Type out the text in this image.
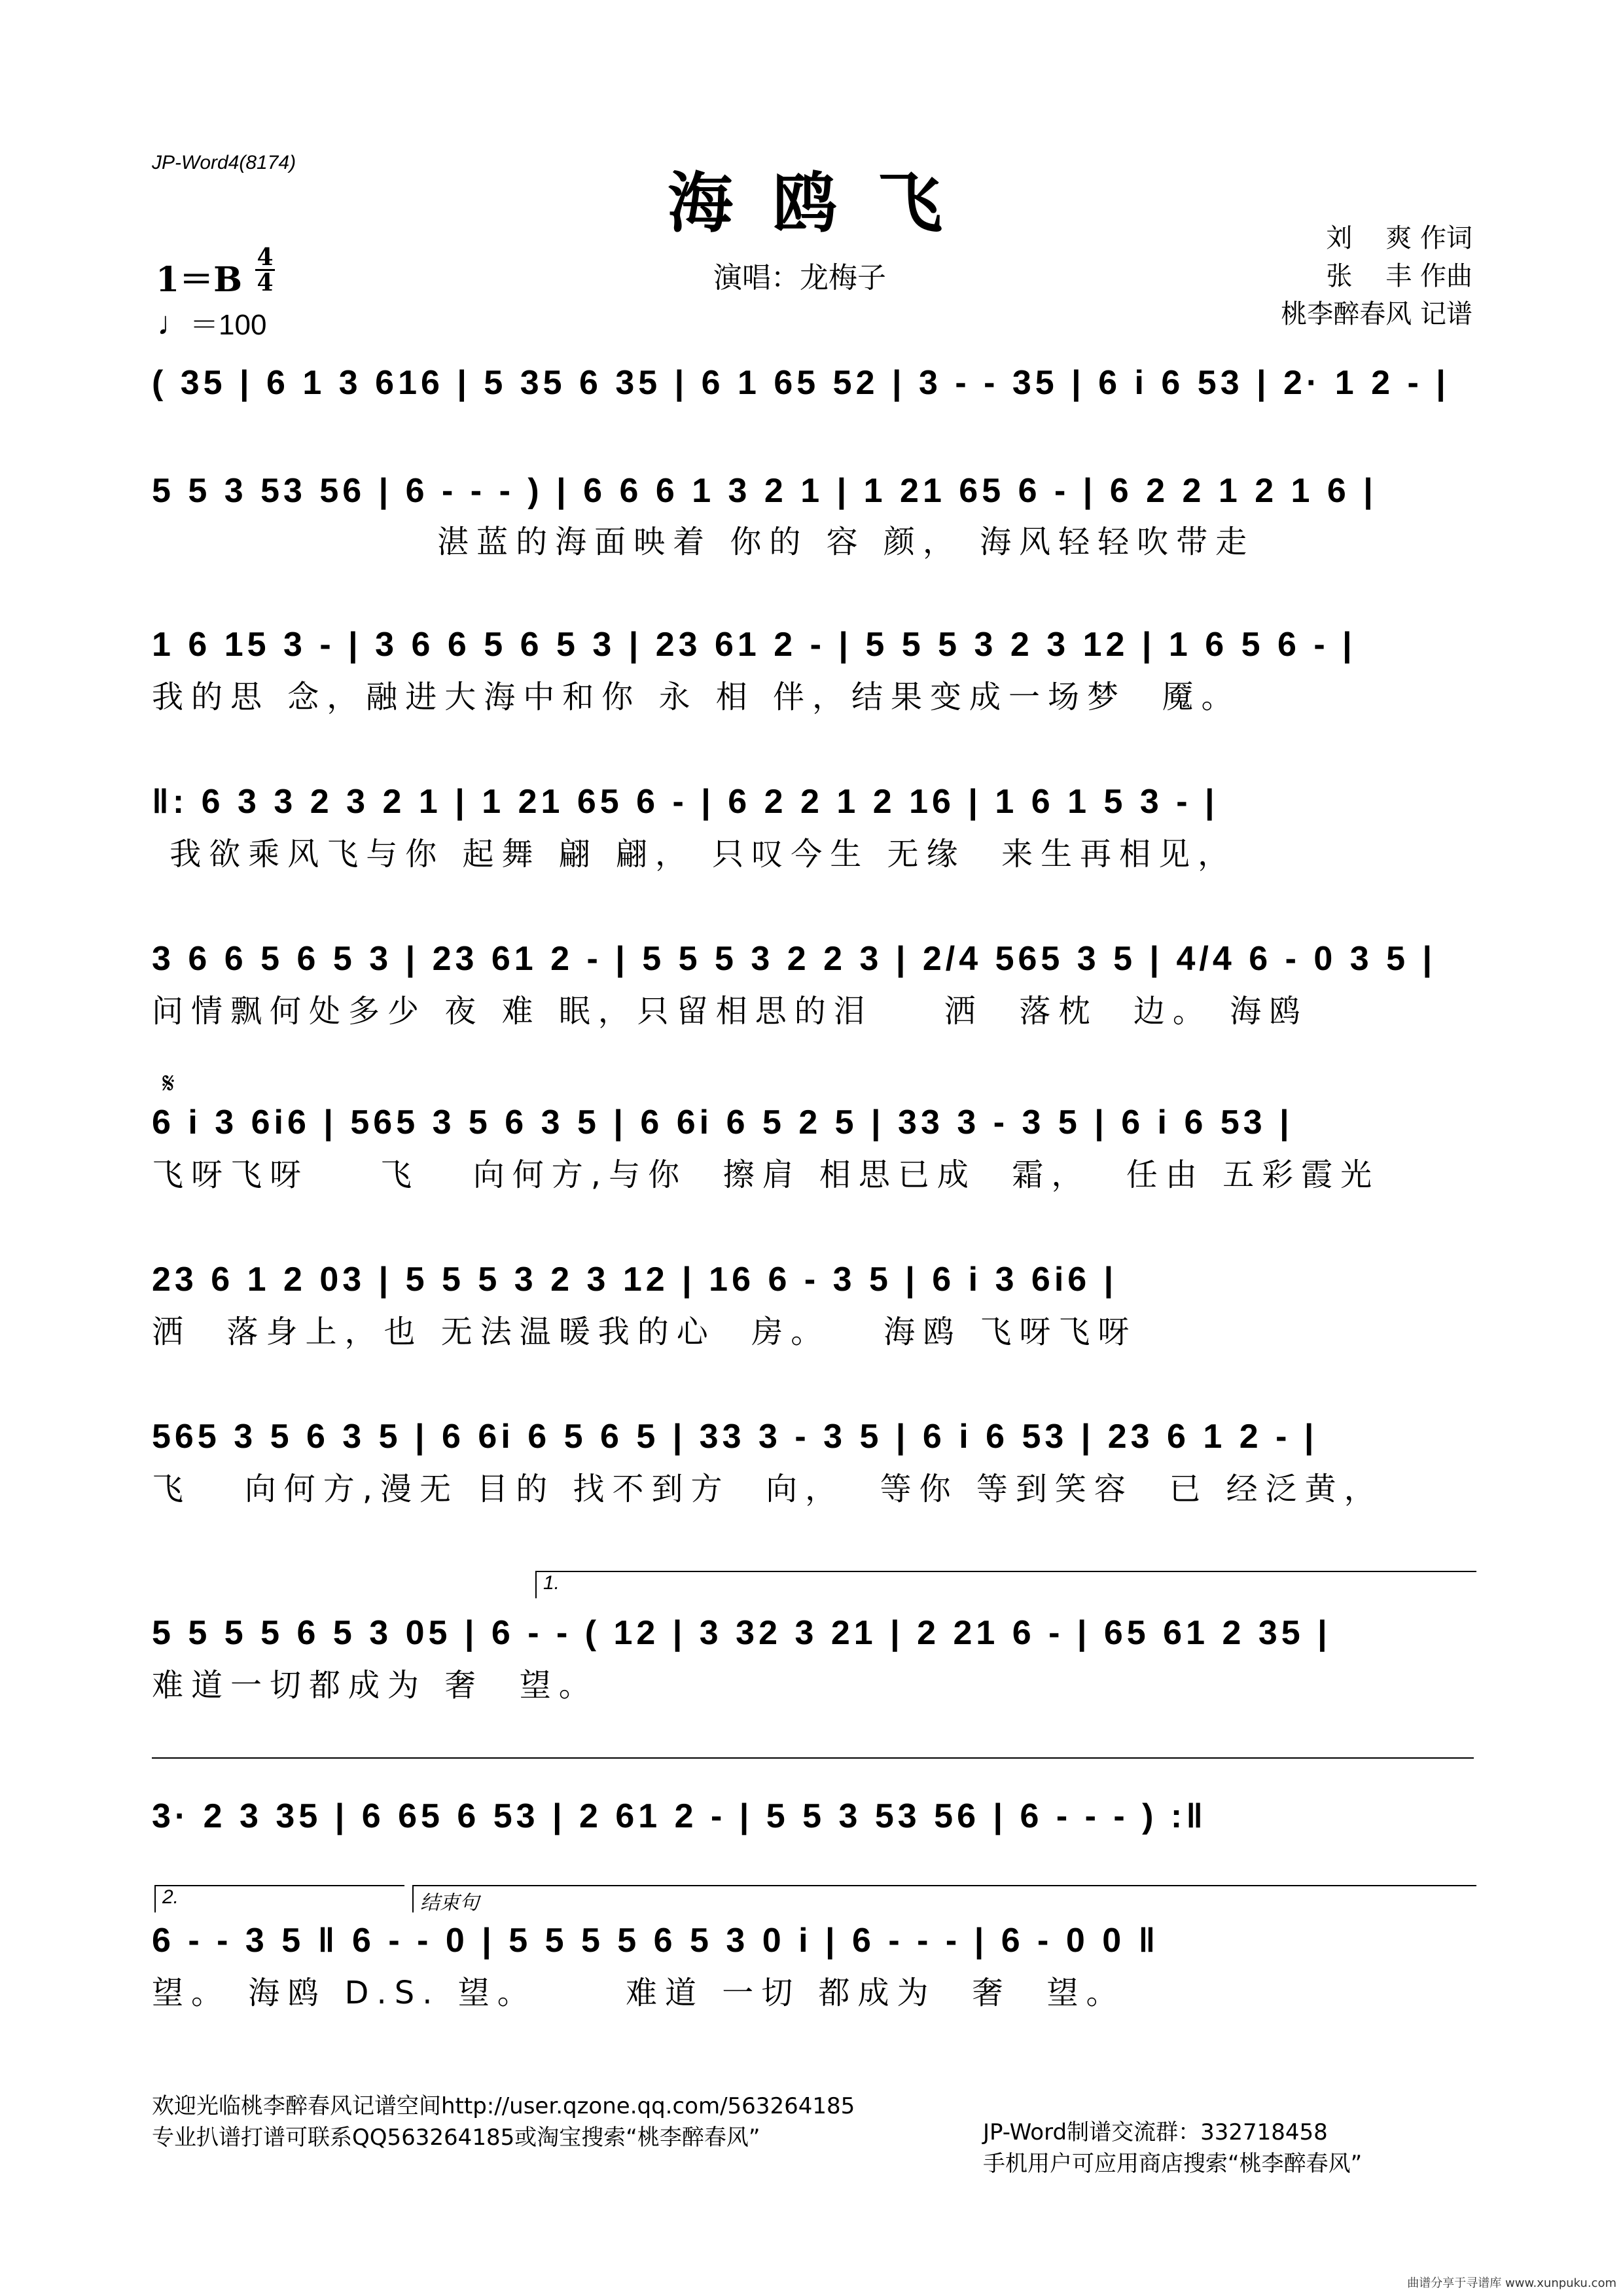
JP-Word4(8174)
海鸥飞
演唱：龙梅子
刘    爽 作词
张    丰 作曲
桃李醉春风 记谱
1＝B
4
4
♩＝100
( 35 | 6 1 3 616 | 5 35 6 35 | 6 1 65 52 | 3 - - 35 | 6 i 6 53 | 2· 1 2 - |
5 5 3 53 56 | 6 - - - ) | 6 6 6 1 3 2 1 | 1 21 65 6 - | 6 2 2 1 2 1 6 |
湛蓝的海面映着 你的 容 颜， 海风轻轻吹带走
1 6 15 3 - | 3 6 6 5 6 5 3 | 23 61 2 - | 5 5 5 3 2 3 12 | 1 6 5 6 - |
我的思 念，融进大海中和你 永 相 伴，结果变成一场梦  魇。
‖: 6 3 3 2 3 2 1 | 1 21 65 6 - | 6 2 2 1 2 16 | 1 6 1 5 3 - |
我欲乘风飞与你 起舞 翩 翩， 只叹今生 无缘  来生再相见，
3 6 6 5 6 5 3 | 23 61 2 - | 5 5 5 3 2 2 3 | 2/4 565 3 5 | 4/4 6 - 0 3 5 |
问情飘何处多少 夜 难 眠，只留相思的泪    洒  落枕  边。 海鸥
𝄋
6 i 3 6i6 | 565 3 5 6 3 5 | 6 6i 6 5 2 5 | 33 3 - 3 5 | 6 i 6 53 |
飞呀飞呀    飞   向何方,与你  擦肩 相思已成  霜，  任由 五彩霞光
23 6 1 2 03 | 5 5 5 3 2 3 12 | 16 6 - 3 5 | 6 i 3 6i6 |
洒  落身上，也 无法温暖我的心  房。   海鸥 飞呀飞呀
565 3 5 6 3 5 | 6 6i 6 5 6 5 | 33 3 - 3 5 | 6 i 6 53 | 23 6 1 2 - |
飞   向何方,漫无 目的 找不到方  向，  等你 等到笑容  已 经泛黄，
1.
5 5 5 5 6 5 3 05 | 6 - - ( 12 | 3 32 3 21 | 2 21 6 - | 65 61 2 35 |
难道一切都成为 奢  望。
3· 2 3 35 | 6 65 6 53 | 2 61 2 - | 5 5 3 53 56 | 6 - - - ) :‖
2.	结束句
6 - - 3 5 ‖ 6 - - 0 | 5 5 5 5 6 5 3 0 i | 6 - - - | 6 - 0 0 ‖
望。 海鸥 D.S. 望。     难道 一切 都成为  奢  望。

欢迎光临桃李醉春风记谱空间http://user.qzone.qq.com/563264185

JP-Word制谱交流群：332718458

专业扒谱打谱可联系QQ563264185或淘宝搜索“桃李醉春风”

手机用户可应用商店搜索“桃李醉春风”

曲谱分享于寻谱库 www.xunpuku.com
